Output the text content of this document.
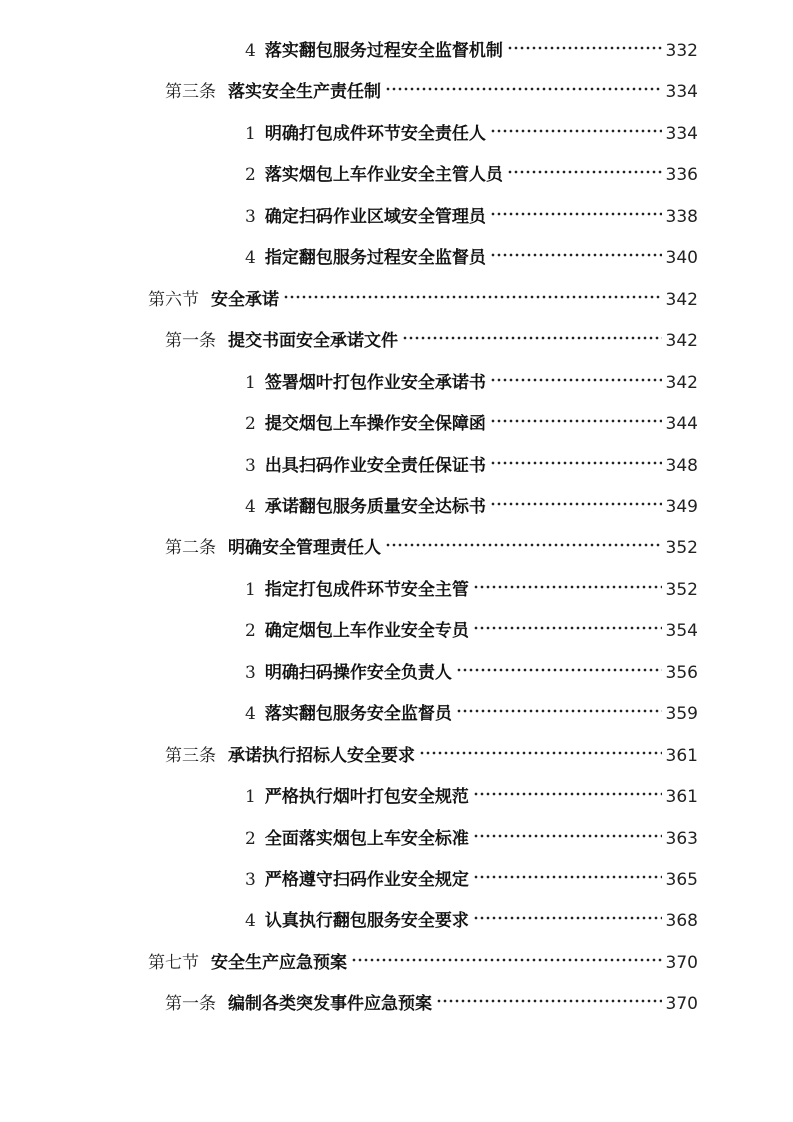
4 落实翻包服务过程安全监督机制	332
第三条 落实安全生产责任制	334
1 明确打包成件环节安全责任人	334
2 落实烟包上车作业安全主管人员	336
3 确定扫码作业区域安全管理员	338
4 指定翻包服务过程安全监督员	340
第六节 安全承诺	342
第一条 提交书面安全承诺文件	342
1 签署烟叶打包作业安全承诺书	342
2 提交烟包上车操作安全保障函	344
3 出具扫码作业安全责任保证书	348
4 承诺翻包服务质量安全达标书	349
第二条 明确安全管理责任人	352
1 指定打包成件环节安全主管	352
2 确定烟包上车作业安全专员	354
3 明确扫码操作安全负责人	356
4 落实翻包服务安全监督员	359
第三条 承诺执行招标人安全要求	361
1 严格执行烟叶打包安全规范	361
2 全面落实烟包上车安全标准	363
3 严格遵守扫码作业安全规定	365
4 认真执行翻包服务安全要求	368
第七节 安全生产应急预案	370
第一条 编制各类突发事件应急预案	370
